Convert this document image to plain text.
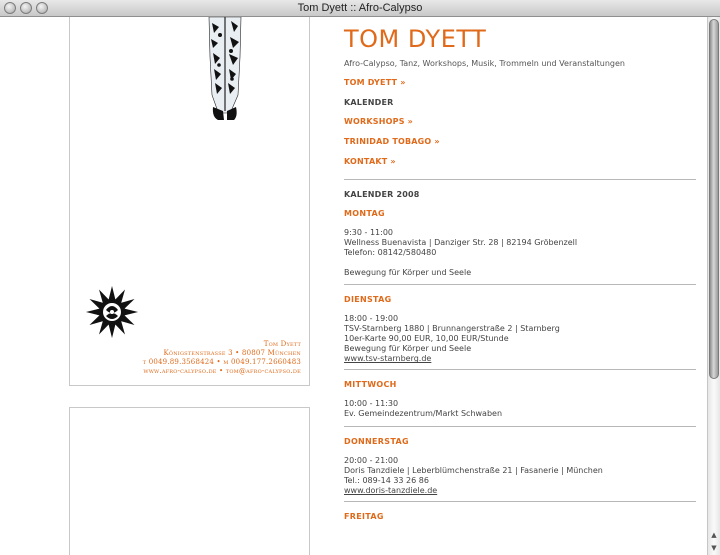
Tom Dyett :: Afro-Calypso
Tom Dyett
Königstenstrasse 3 • 80807 München
t 0049.89.3568424 • m 0049.177.2660483
www.afro-calypso.de • tom@afro-calypso.de
TOM DYETT
Afro-Calypso, Tanz, Workshops, Musik, Trommeln und Veranstaltungen
TOM DYETT »
KALENDER
WORKSHOPS »
TRINIDAD TOBAGO »
KONTAKT »
KALENDER 2008
MONTAG
9:30 - 11:00
Wellness Buenavista | Danziger Str. 28 | 82194 Gröbenzell
Telefon: 08142/580480
Bewegung für Körper und Seele
DIENSTAG
18:00 - 19:00
TSV-Starnberg 1880 | Brunnangerstraße 2 | Starnberg
10er-Karte 90,00 EUR, 10,00 EUR/Stunde
Bewegung für Körper und Seele
www.tsv-starnberg.de
MITTWOCH
10:00 - 11:30
Ev. Gemeindezentrum/Markt Schwaben
DONNERSTAG
20:00 - 21:00
Doris Tanzdiele | Leberblümchenstraße 21 | Fasanerie | München
Tel.: 089-14 33 26 86
www.doris-tanzdiele.de
FREITAG
▲
▼
